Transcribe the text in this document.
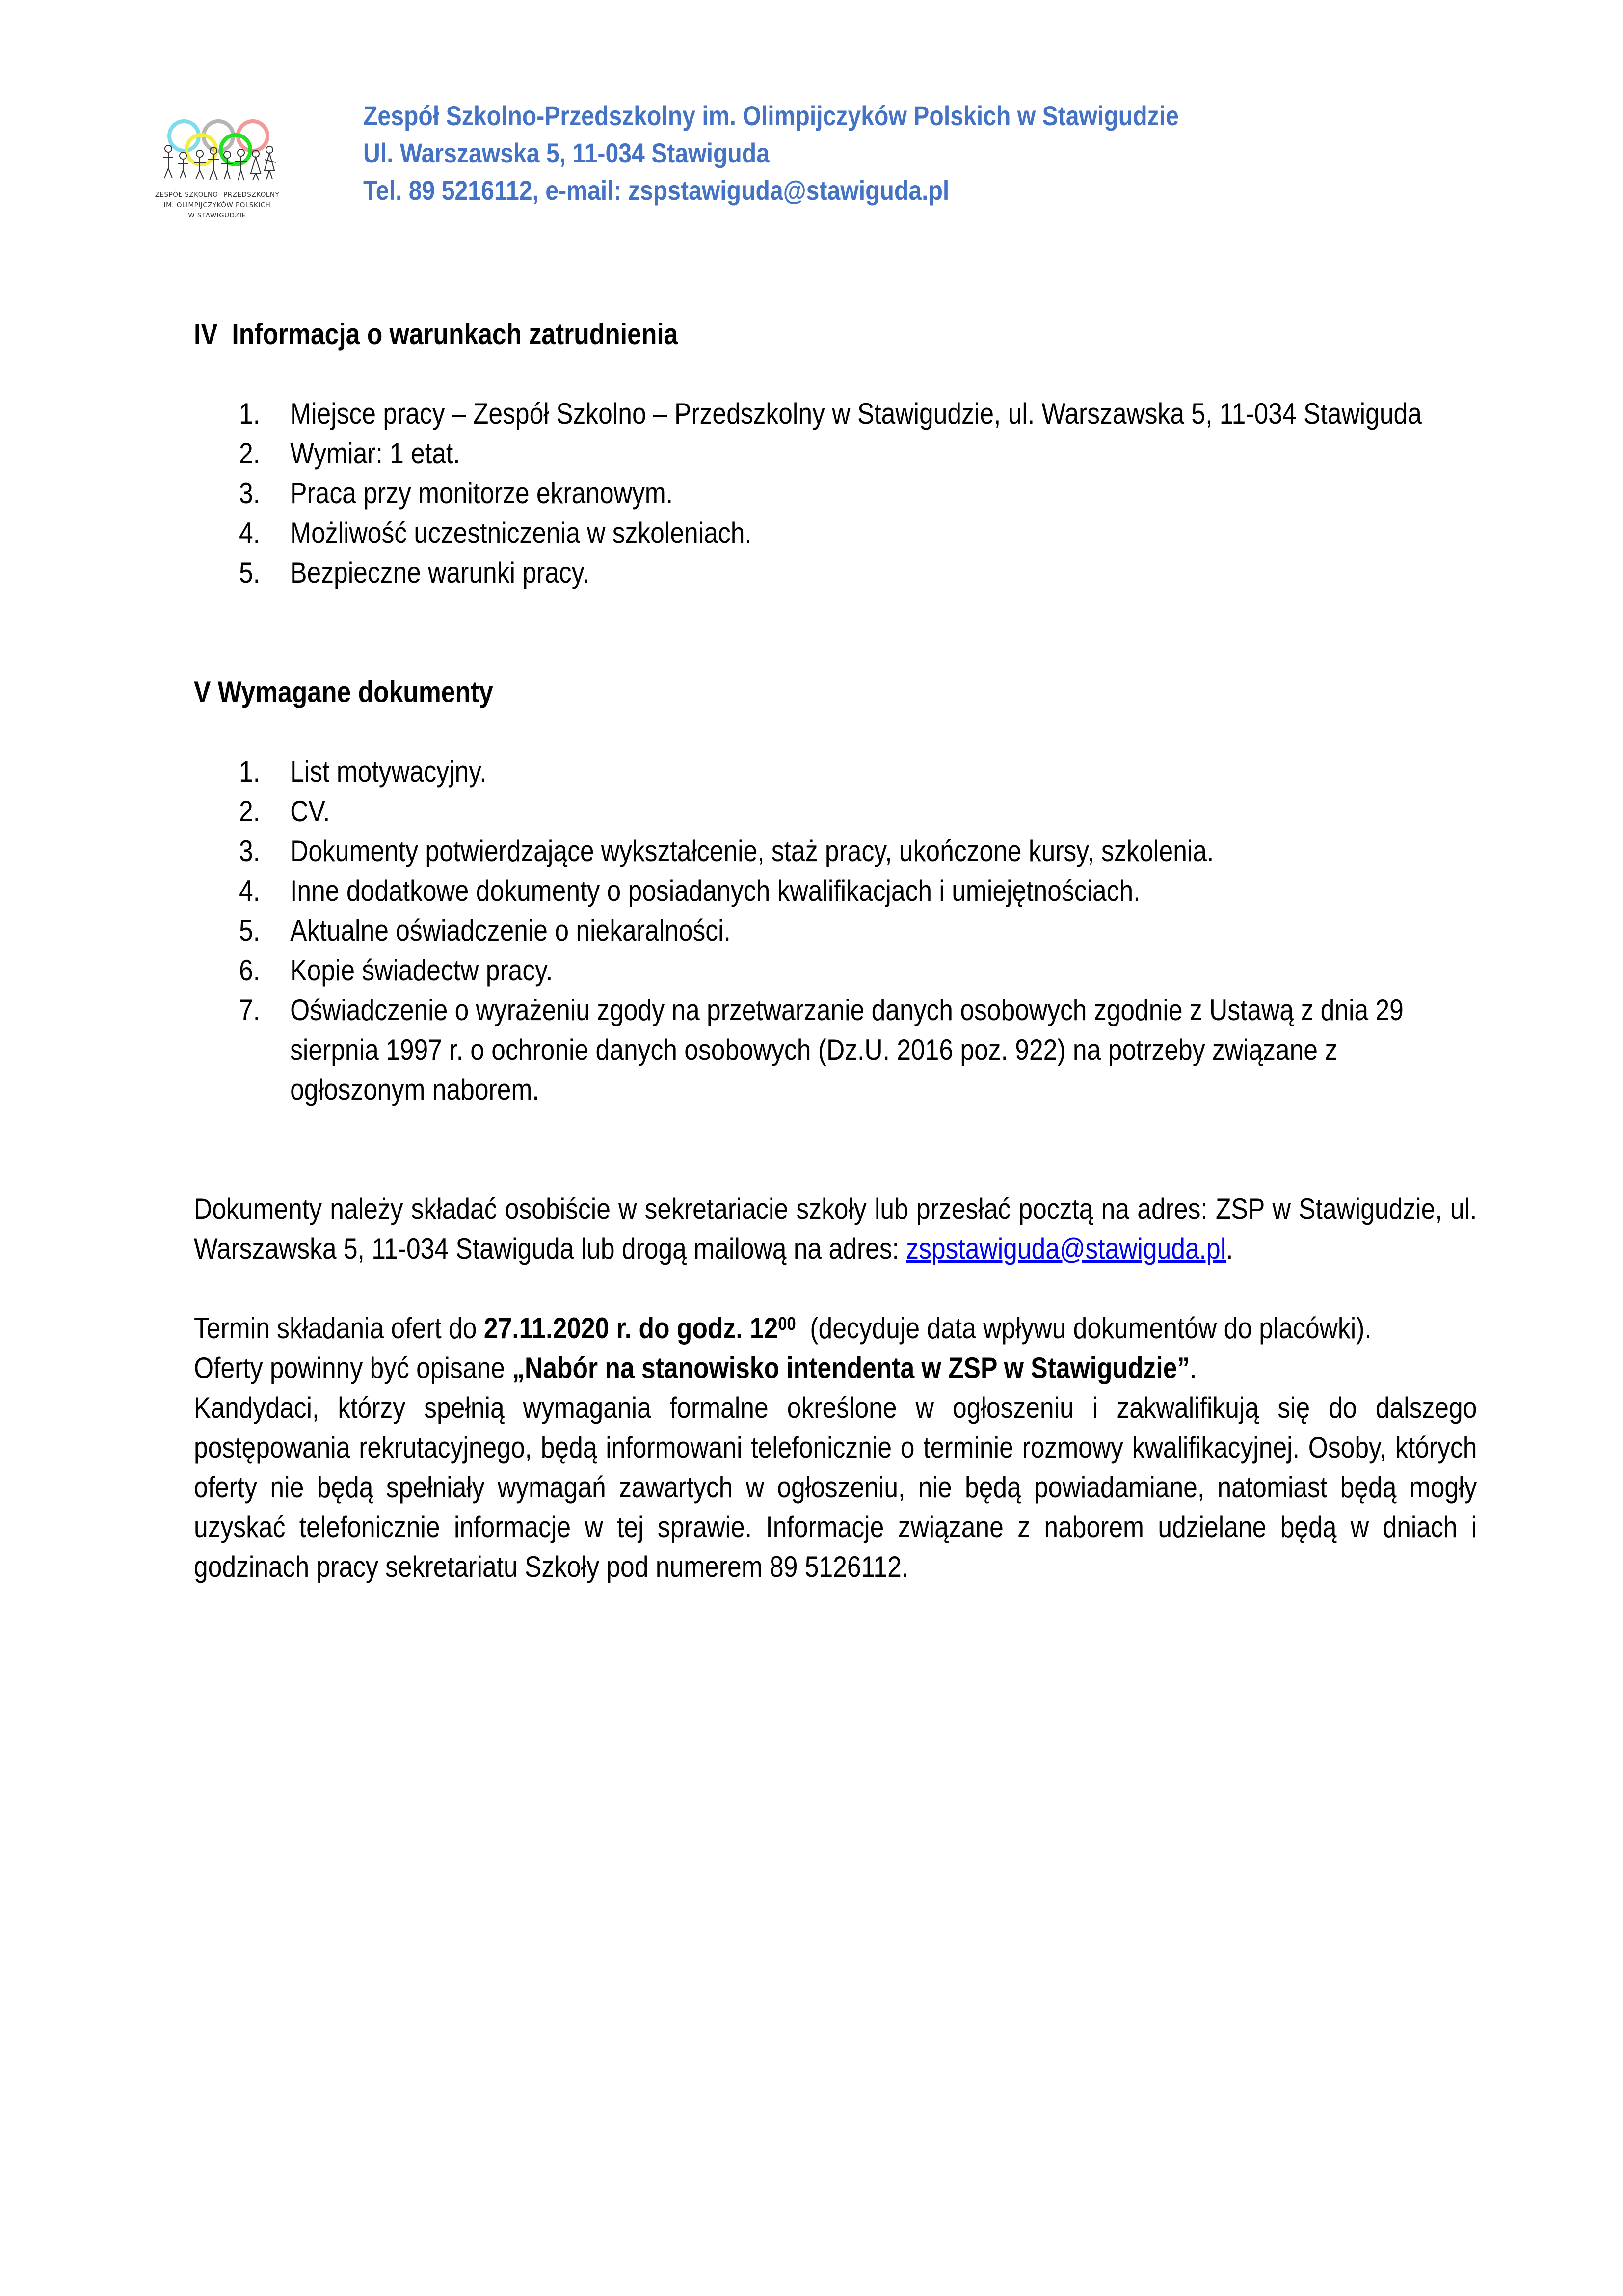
ZESPÓŁ SZKOLNO- PRZEDSZKOLNY
IM. OLIMPIJCZYKÓW POLSKICH
W STAWIGUDZIE
Zespół Szkolno-Przedszkolny im. Olimpijczyków Polskich w Stawigudzie
Ul. Warszawska 5, 11-034 Stawiguda
Tel. 89 5216112, e-mail: zspstawiguda@stawiguda.pl
IV  Informacja o warunkach zatrudnienia
1. Miejsce pracy – Zespół Szkolno – Przedszkolny w Stawigudzie, ul. Warszawska 5, 11-034 Stawiguda
2. Wymiar: 1 etat.
3. Praca przy monitorze ekranowym.
4. Możliwość uczestniczenia w szkoleniach.
5. Bezpieczne warunki pracy.
V Wymagane dokumenty
1. List motywacyjny.
2. CV.
3. Dokumenty potwierdzające wykształcenie, staż pracy, ukończone kursy, szkolenia.
4. Inne dodatkowe dokumenty o posiadanych kwalifikacjach i umiejętnościach.
5. Aktualne oświadczenie o niekaralności.
6. Kopie świadectw pracy.
7. Oświadczenie o wyrażeniu zgody na przetwarzanie danych osobowych zgodnie z Ustawą z dnia 29 sierpnia 1997 r. o ochronie danych osobowych (Dz.U. 2016 poz. 922) na potrzeby związane z ogłoszonym naborem.

Dokumenty należy składać osobiście w sekretariacie szkoły lub przesłać pocztą na adres: ZSP w Stawigudzie, ul. Warszawska 5, 11-034 Stawiguda lub drogą mailową na adres: zspstawiguda@stawiguda.pl.

Termin składania ofert do 27.11.2020 r. do godz. $12^{00}$  (decyduje data wpływu dokumentów do placówki).

Oferty powinny być opisane „Nabór na stanowisko intendenta w ZSP w Stawigudzie”.

Kandydaci, którzy spełnią wymagania formalne określone w ogłoszeniu i zakwalifikują się do dalszego postępowania rekrutacyjnego, będą informowani telefonicznie o terminie rozmowy kwalifikacyjnej. Osoby, których oferty nie będą spełniały wymagań zawartych w ogłoszeniu, nie będą powiadamiane, natomiast będą mogły uzyskać telefonicznie informacje w tej sprawie. Informacje związane z naborem udzielane będą w dniach i godzinach pracy sekretariatu Szkoły pod numerem 89 5126112.
